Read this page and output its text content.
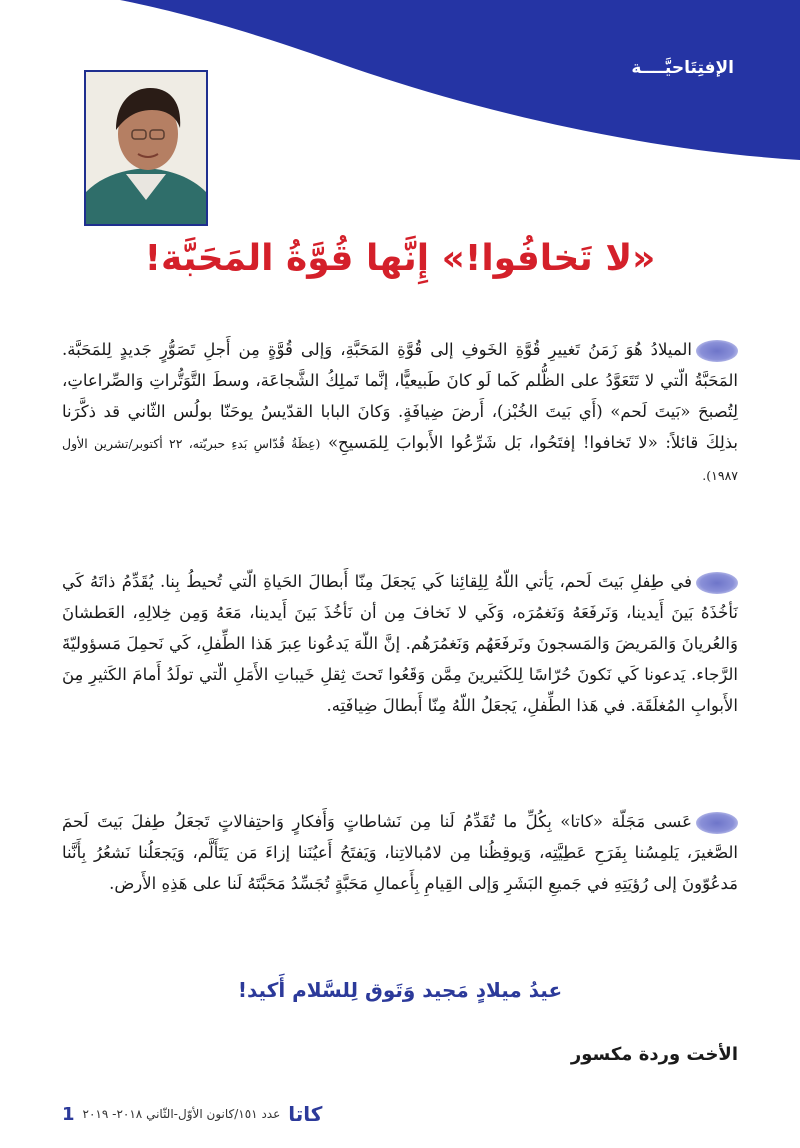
الإفتِتَاحيَّــــة
«لا تَخافُوا!» إِنَّها قُوَّةُ المَحَبَّة!
الميلادُ هُوَ زَمَنُ تَغييرِ قُوَّةِ الخَوفِ إلى قُوَّةِ المَحَبَّةِ، وَإلى قُوَّةٍ مِن أَجلِ تَصَوُّرٍ جَديدٍ لِلمَحَبَّة. المَحَبَّةُ الّتي لا تَتَعَوَّدُ على الظُّلم كَما لَو كانَ طَبيعيًّا، إنَّما تَملِكُ الشَّجاعَة، وسطَ التَّوَتُّراتِ وَالصِّراعاتِ، لِتُصبحَ «بَيتَ لَحم» (أَي بَيتَ الخُبْز)، أَرضَ ضِيافَةٍ. وَكانَ البابا القدّيسُ يوحَنّا بولُس الثّاني قد ذكَّرَنا بذلِكَ قائلاً: «لا تَخافوا! إفتَحُوا، بَل شَرِّعُوا الأَبوابَ لِلمَسيحِ» (عِظَةُ قُدّاسِ بَدءِ حبريّته، ٢٢ أكتوبر/تشرين الأول ١٩٨٧).
في طِفلِ بَيتَ لَحم، يَأتي اللّهُ لِلِقائِنا كَي يَجعَلَ مِنّا أَبطالَ الحَياةِ الّتي تُحيطُ بِنا. يُقَدِّمُ ذاتَهُ كَي نَأخُذَهُ بَينَ أَيدينا، وَنَرفَعَهُ وَنَغمُرَه، وَكَي لا نَخافَ مِن أن نَأخُذَ بَينَ أَيدينا، مَعَهُ وَمِن خِلالِهِ، العَطشانَ وَالعُريانَ وَالمَريضَ وَالمَسجونَ ونَرفَعَهُم وَنَغمُرَهُم. إنَّ اللّهَ يَدعُونا عِبرَ هَذا الطِّفلِ، كَي نَحمِلَ مَسؤوليّةَ الرَّجاء. يَدعونا كَي نَكونَ حُرّاسًا لِلكَثيرينَ مِمَّن وَقَعُوا تَحتَ ثِقلِ خَيباتِ الأَمَلِ الّتي تولَدُ أَمامَ الكَثيرِ مِنَ الأَبوابِ المُغلَقَة. في هَذا الطِّفلِ، يَجعَلُ اللّهُ مِنّا أَبطالَ ضِيافَتِه.
عَسى مَجَلّة «كاتا» بِكُلِّ ما تُقَدِّمُ لَنا مِن نَشاطاتٍ وَأَفكارٍ وَاحتِفالاتٍ تَجعَلُ طِفلَ بَيتَ لَحمَ الصَّغيرَ، يَلمِسُنا بِفَرَحِ عَطِيَّتِه، وَيوقِظُنا مِن لامُبالاتِنا، وَيَفتَحُ أَعيُنَنا إزاءَ مَن يَتَأَلَّم، وَيَجعَلُنا نَشعُرُ بِأَنَّنا مَدعُوّونَ إلى رُؤيَتِهِ في جَميعِ البَشَرِ وَإلى القِيامِ بِأَعمالِ مَحَبَّةٍ تُجَسِّدُ مَحَبَّتَهُ لَنا على هَذِهِ الأَرض.
عيدُ ميلادٍ مَجيد وَتَوق لِلسَّلام أَكيد!
الأخت وردة مكسور
1 عدد ١٥١/كانون الأوّل-الثّاني ٢٠١٨- ٢٠١٩ كاتا
